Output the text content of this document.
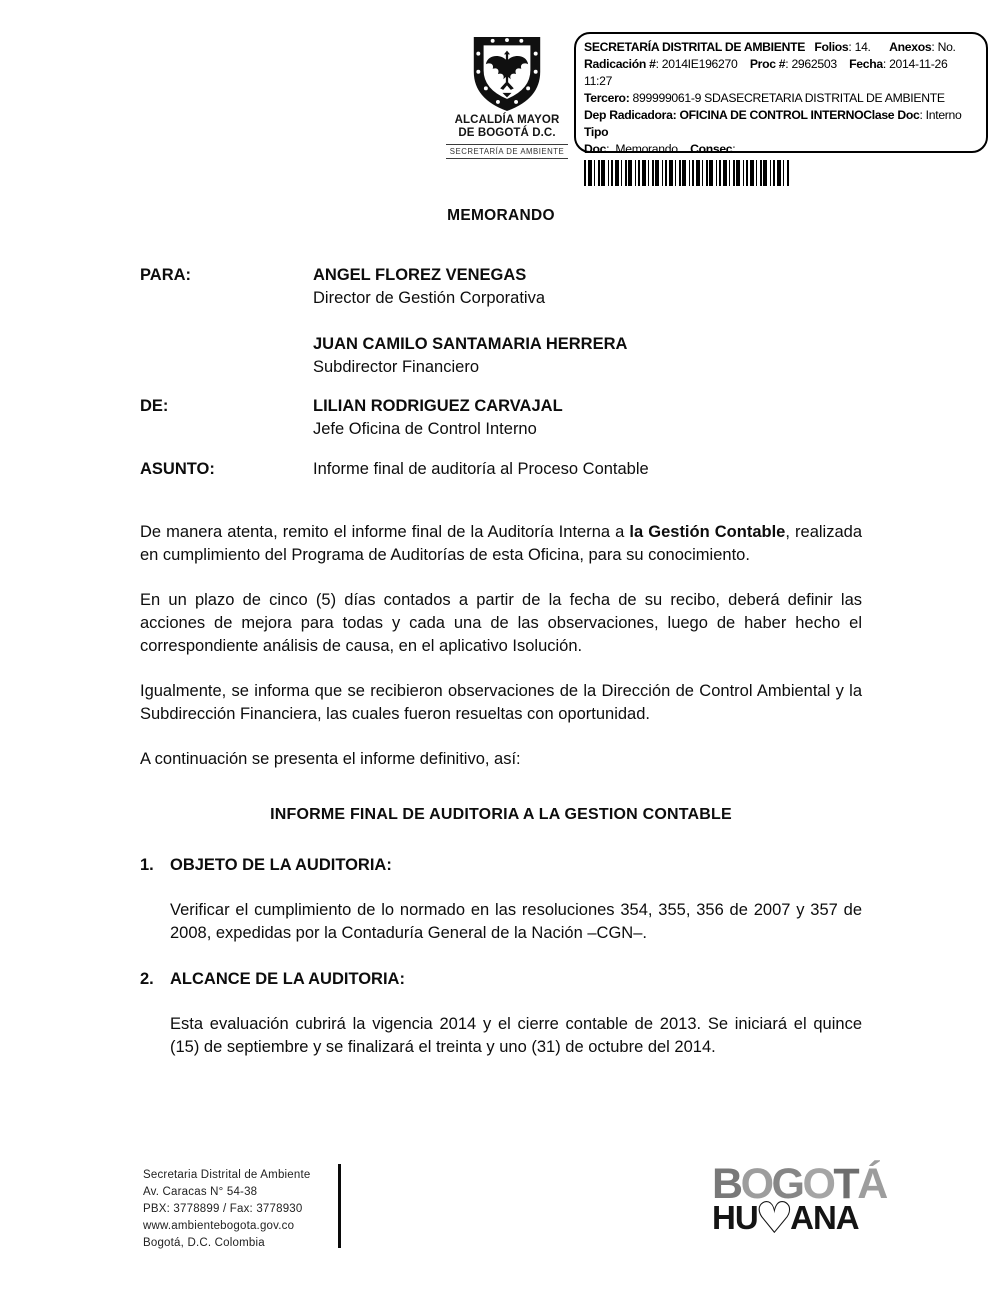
ALCALDÍA MAYOR
DE BOGOTÁ D.C.
SECRETARÍA DE AMBIENTE
SECRETARÍA DISTRITAL DE AMBIENTE   Folios: 14.      Anexos: No.
Radicación #: 2014IE196270    Proc #: 2962503    Fecha: 2014-11-26 11:27
Tercero: 899999061-9 SDASECRETARIA DISTRITAL DE AMBIENTE
Dep Radicadora: OFICINA DE CONTROL INTERNOClase Doc: Interno Tipo
Doc:  Memorando    Consec:
MEMORANDO
PARA:	ANGEL FLOREZ VENEGAS
Director de Gestión Corporativa
JUAN CAMILO SANTAMARIA HERRERA
Subdirector Financiero
DE:	LILIAN RODRIGUEZ CARVAJAL
Jefe Oficina de Control Interno
ASUNTO:	Informe final de auditoría al Proceso Contable
De manera atenta, remito el informe final de la Auditoría Interna a la Gestión Contable, realizada en cumplimiento del Programa de Auditorías de esta Oficina, para su conocimiento.
En un plazo de cinco (5) días contados a partir de la fecha de su recibo, deberá definir las acciones de mejora para todas y cada una de las observaciones, luego de haber hecho el correspondiente análisis de causa, en el aplicativo Isolución.
Igualmente, se informa que se recibieron observaciones de la Dirección de Control Ambiental y la Subdirección Financiera, las cuales fueron resueltas con oportunidad.
A continuación se presenta el informe definitivo, así:
INFORME FINAL DE AUDITORIA A LA GESTION CONTABLE
1. OBJETO DE LA AUDITORIA:
Verificar el cumplimiento de lo normado en las resoluciones 354, 355, 356 de 2007 y 357 de 2008, expedidas por la Contaduría General de la Nación –CGN–.
2. ALCANCE DE LA AUDITORIA:
Esta evaluación cubrirá la vigencia 2014 y el cierre contable de 2013. Se iniciará el quince (15) de septiembre y se finalizará el treinta y uno (31) de octubre del 2014.
Secretaria Distrital de Ambiente
Av. Caracas N° 54-38
PBX: 3778899 / Fax: 3778930
www.ambientebogota.gov.co
Bogotá, D.C. Colombia
BOGOTÁ
HU♡ANA
